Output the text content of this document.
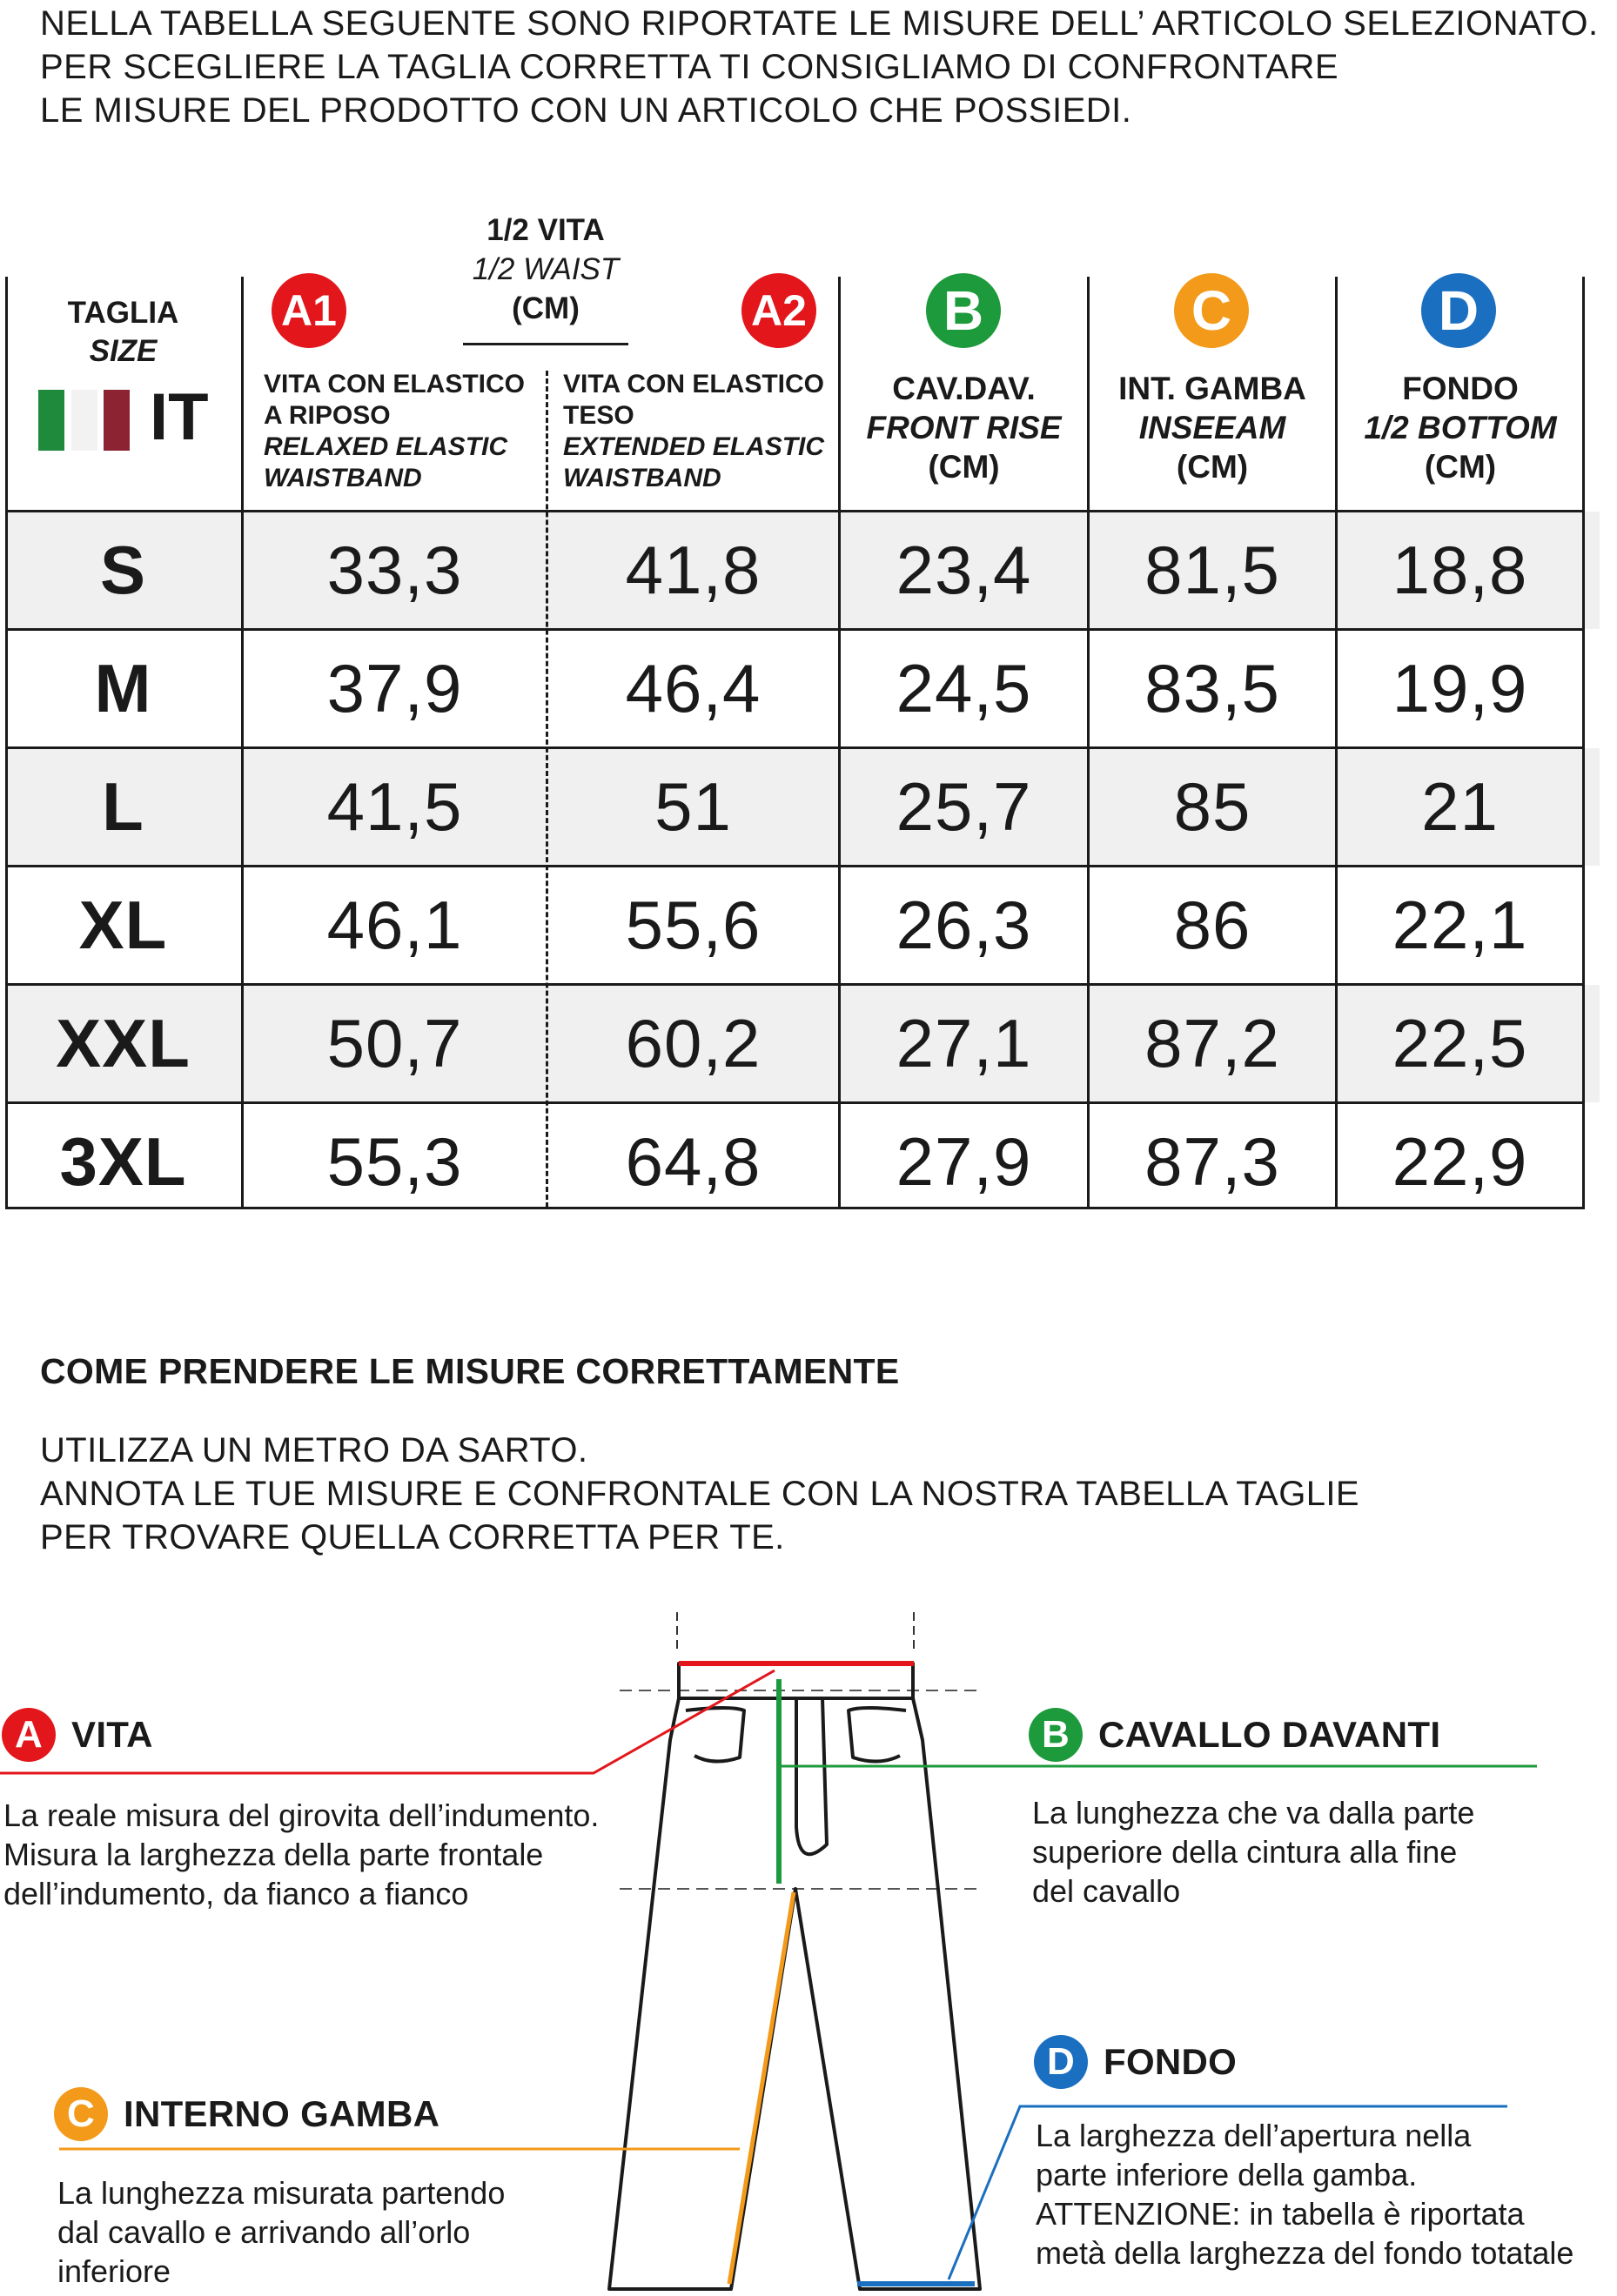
NELLA TABELLA SEGUENTE SONO RIPORTATE LE MISURE DELL’ ARTICOLO SELEZIONATO.
PER SCEGLIERE LA TAGLIA CORRETTA TI CONSIGLIAMO DI CONFRONTARE
LE MISURE DEL PRODOTTO CON UN ARTICOLO CHE POSSIEDI.
TAGLIA
SIZE
IT
1/2 VITA
1/2 WAIST
(CM)
A1	A2	B	C	D
VITA CON ELASTICO
A RIPOSO
RELAXED ELASTIC
WAISTBAND
VITA CON ELASTICO
TESO
EXTENDED ELASTIC
WAISTBAND
CAV.DAV.
FRONT RISE
(CM)
INT. GAMBA
INSEEAM
(CM)
FONDO
1/2 BOTTOM
(CM)
S	33,3	41,8	23,4	81,5	18,8
M	37,9	46,4	24,5	83,5	19,9
L	41,5	51	25,7	85	21
XL	46,1	55,6	26,3	86	22,1
XXL	50,7	60,2	27,1	87,2	22,5
3XL	55,3	64,8	27,9	87,3	22,9
COME PRENDERE LE MISURE CORRETTAMENTE
UTILIZZA UN METRO DA SARTO.
ANNOTA LE TUE MISURE E CONFRONTALE CON LA NOSTRA TABELLA TAGLIE
PER TROVARE QUELLA CORRETTA PER TE.
A VITA
La reale misura del girovita dell’indumento.
Misura la larghezza della parte frontale
dell’indumento, da fianco a fianco
B CAVALLO DAVANTI
La lunghezza che va dalla parte
superiore della cintura alla fine
del cavallo
C INTERNO GAMBA
La lunghezza misurata partendo
dal cavallo e arrivando all’orlo
inferiore
D FONDO
La larghezza dell’apertura nella
parte inferiore della gamba.
ATTENZIONE: in tabella è riportata
metà della larghezza del fondo totatale
